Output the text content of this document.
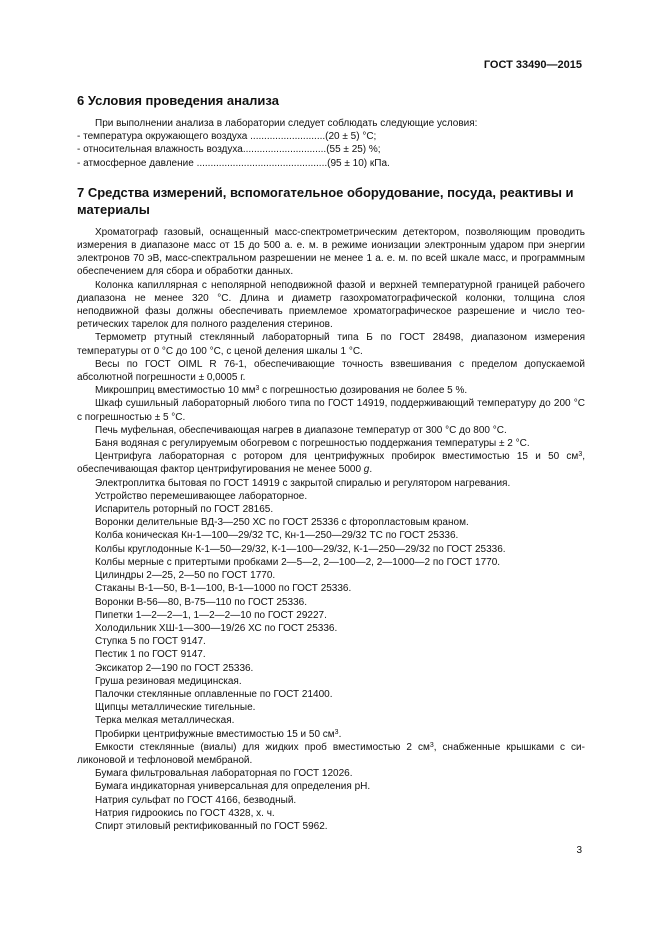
ГОСТ 33490—2015
6 Условия проведения анализа

При выполнении анализа в лаборатории следует соблюдать следующие условия:

- температура окружающего воздуха ...........................(20 ± 5) °С;
- относительная влажность воздуха..............................(55 ± 25) %;
- атмосферное давление ...............................................(95 ± 10) кПа.
7 Средства измерений, вспомогательное оборудование, посуда, реактивы и материалы

Хроматограф газовый, оснащенный масс-спектрометрическим детектором, позволяющим проводить измерения в диапазоне масс от 15 до 500 а. е. м. в режиме ионизации электронным ударом при энергии электронов 70 эВ, масс-спектральном разрешении не менее 1 а. е. м. по всей шкале масс, и программным обеспечением для сбора и обработки данных.

Колонка капиллярная с неполярной неподвижной фазой и верхней температурной границей рабочего диапазона не менее 320 °С. Длина и диаметр газохроматографической колонки, толщина слоя неподвижной фазы должны обеспечивать приемлемое хроматографическое разрешение и число теоретических тарелок для полного разделения стеринов.

Термометр ртутный стеклянный лабораторный типа Б по ГОСТ 28498, диапазоном измерения температуры от 0 °С до 100 °С, с ценой деления шкалы 1 °С.

Весы по ГОСТ OIML R 76-1, обеспечивающие точность взвешивания с пределом допускаемой абсолютной погрешности ± 0,0005 г.

Микрошприц вместимостью 10 $мм^3$ с погрешностью дозирования не более 5 %.

Шкаф сушильный лабораторный любого типа по ГОСТ 14919, поддерживающий температуру до 200 °С с погрешностью ± 5 °С.

Печь муфельная, обеспечивающая нагрев в диапазоне температур от 300 °С до 800 °С.

Баня водяная с регулируемым обогревом с погрешностью поддержания температуры ± 2 °С.

Центрифуга лабораторная с ротором для центрифужных пробирок вместимостью 15 и 50 $см^3$, обеспечивающая фактор центрифугирования не менее 5000 g.

Электроплитка бытовая по ГОСТ 14919 с закрытой спиралью и регулятором нагревания.

Устройство перемешивающее лабораторное.

Испаритель роторный по ГОСТ 28165.

Воронки делительные ВД-3—250 ХС по ГОСТ 25336 с фторопластовым краном.

Колба коническая Кн-1—100—29/32 ТС, Кн-1—250—29/32 ТС по ГОСТ 25336.

Колбы круглодонные К-1—50—29/32, К-1—100—29/32, К-1—250—29/32 по ГОСТ 25336.

Колбы мерные с притертыми пробками 2—5—2, 2—100—2, 2—1000—2 по ГОСТ 1770.

Цилиндры 2—25, 2—50 по ГОСТ 1770.

Стаканы В-1—50, В-1—100, В-1—1000 по ГОСТ 25336.

Воронки В-56—80, В-75—110 по ГОСТ 25336.

Пипетки 1—2—2—1, 1—2—2—10 по ГОСТ 29227.

Холодильник ХШ-1—300—19/26 ХС по ГОСТ 25336.

Ступка 5 по ГОСТ 9147.

Пестик 1 по ГОСТ 9147.

Эксикатор 2—190 по ГОСТ 25336.

Груша резиновая медицинская.

Палочки стеклянные оплавленные по ГОСТ 21400.

Щипцы металлические тигельные.

Терка мелкая металлическая.

Пробирки центрифужные вместимостью 15 и 50 $см^3$.

Емкости стеклянные (виалы) для жидких проб вместимостью 2 $см^3$, снабженные крышками с силиконовой и тефлоновой мембраной.

Бумага фильтровальная лабораторная по ГОСТ 12026.

Бумага индикаторная универсальная для определения pH.

Натрия сульфат по ГОСТ 4166, безводный.

Натрия гидроокись по ГОСТ 4328, х. ч.

Спирт этиловый ректификованный по ГОСТ 5962.

3
